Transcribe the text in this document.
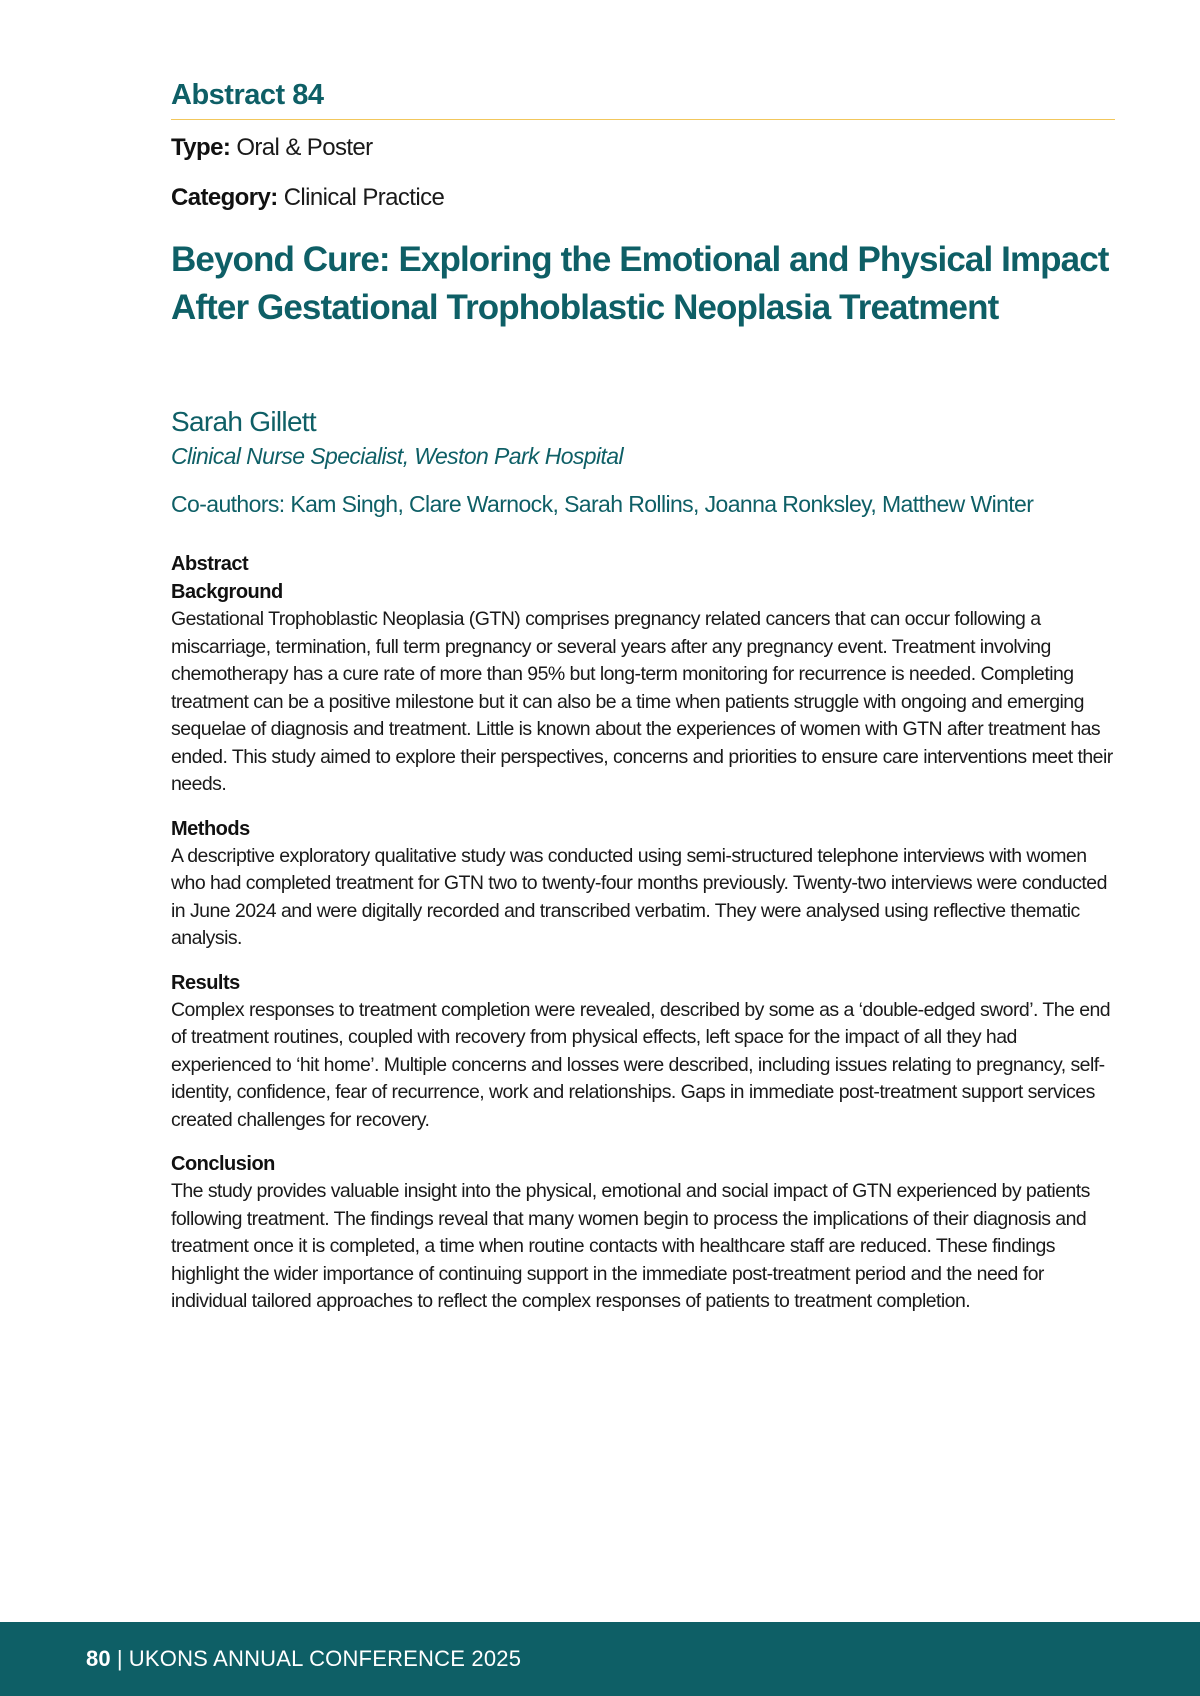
Abstract 84

Type: Oral & Poster

Category: Clinical Practice

Beyond Cure: Exploring the Emotional and Physical Impact After Gestational Trophoblastic Neoplasia Treatment

Sarah Gillett

Clinical Nurse Specialist, Weston Park Hospital

Co-authors: Kam Singh, Clare Warnock, Sarah Rollins, Joanna Ronksley, Matthew Winter

Abstract

Background

Gestational Trophoblastic Neoplasia (GTN) comprises pregnancy related cancers that can occur following a miscarriage, termination, full term pregnancy or several years after any pregnancy event. Treatment involving chemotherapy has a cure rate of more than 95% but long-term monitoring for recurrence is needed. Completing treatment can be a positive milestone but it can also be a time when patients struggle with ongoing and emerging sequelae of diagnosis and treatment. Little is known about the experiences of women with GTN after treatment has ended. This study aimed to explore their perspectives, concerns and priorities to ensure care interventions meet their needs.

Methods

A descriptive exploratory qualitative study was conducted using semi-structured telephone interviews with women who had completed treatment for GTN two to twenty-four months previously. Twenty-two interviews were conducted in June 2024 and were digitally recorded and transcribed verbatim. They were analysed using reflective thematic analysis.

Results

Complex responses to treatment completion were revealed, described by some as a ‘double-edged sword’. The end of treatment routines, coupled with recovery from physical effects, left space for the impact of all they had experienced to ‘hit home’. Multiple concerns and losses were described, including issues relating to pregnancy, self-identity, confidence, fear of recurrence, work and relationships. Gaps in immediate post-treatment support services created challenges for recovery.

Conclusion

The study provides valuable insight into the physical, emotional and social impact of GTN experienced by patients following treatment. The findings reveal that many women begin to process the implications of their diagnosis and treatment once it is completed, a time when routine contacts with healthcare staff are reduced. These findings highlight the wider importance of continuing support in the immediate post-treatment period and the need for individual tailored approaches to reflect the complex responses of patients to treatment completion.

80 | UKONS ANNUAL CONFERENCE 2025
